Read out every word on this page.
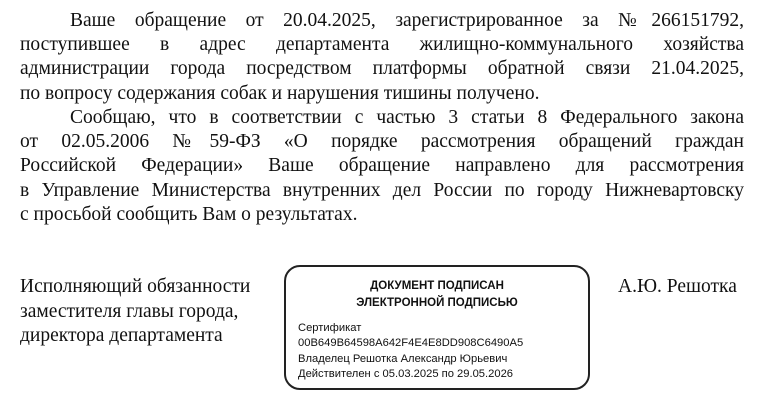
Ваше обращение от 20.04.2025, зарегистрированное за №266151792,
поступившее в адрес департамента жилищно-коммунального хозяйства
администрации города посредством платформы обратной связи 21.04.2025,
по вопросу содержания собак и нарушения тишины получено.
Сообщаю, что в соответствии с частью 3 статьи 8 Федерального закона
от 02.05.2006 №59-ФЗ «О порядке рассмотрения обращений граждан
Российской Федерации» Ваше обращение направлено для рассмотрения
в Управление Министерства внутренних дел России по городу Нижневартовску
с просьбой сообщить Вам о результатах.
Исполняющий обязанности
заместителя главы города,
директора департамента
ДОКУМЕНТ ПОДПИСАН
ЭЛЕКТРОННОЙ ПОДПИСЬЮ
Сертификат
00B649B64598A642F4E4E8DD908C6490A5
Владелец Решотка Александр Юрьевич
Действителен с 05.03.2025 по 29.05.2026
А.Ю. Решотка
